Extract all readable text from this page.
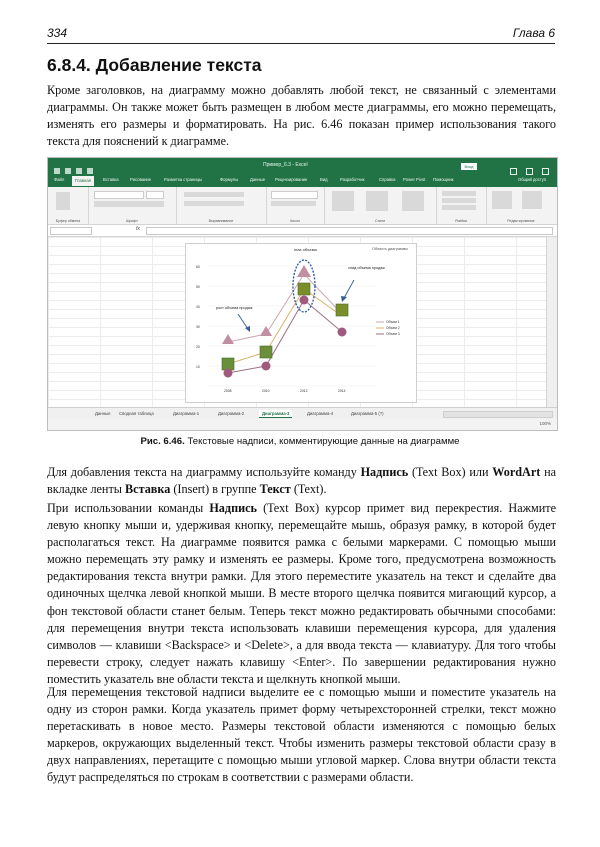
334	Глава 6
6.8.4. Добавление текста

Кроме заголовков, на диаграмму можно добавлять любой текст, не связанный с элементами диаграммы. Он также может быть размещен в любом месте диаграммы, его можно перемещать, изменять его размеры и форматировать. На рис. 6.46 показан пример использования такого текста для пояснений к диаграмме.

Пример_6.3 - Excel	Вход
Файл	Главная	Вставка	Рисование	Разметка страницы	Формулы	Данные Рецензирование	Вид	Разработчик	Справка Power Pivot Помощник	Общий доступ
Буфер обмена	Шрифт	Выравнивание	Число	Стили	Ячейки	Редактирование
fx
60
50
40
30
20
10
2008	2010	2012	2014
Объем 1
Объем 2
Объем 3
max объема
спад объема продаж
рост объема продаж
Область диаграммы
Данные	Сводная таблица	Диаграмма-1	Диаграмма-2	Диаграмма-3	Диаграмма-4	Диаграмма-5 (?)
100%
Рис. 6.46. Текстовые надписи, комментирующие данные на диаграмме

Для добавления текста на диаграмму используйте команду Надпись (Text Box) или WordArt на вкладке ленты Вставка (Insert) в группе Текст (Text).

При использовании команды Надпись (Text Box) курсор примет вид перекрестия. Нажмите левую кнопку мыши и, удерживая кнопку, перемещайте мышь, образуя рамку, в которой будет располагаться текст. На диаграмме появится рамка с белыми маркерами. С помощью мыши можно перемещать эту рамку и изменять ее размеры. Кроме того, предусмотрена возможность редактирования текста внутри рамки. Для этого переместите указатель на текст и сделайте два одиночных щелчка левой кнопкой мыши. В месте второго щелчка появится мигающий курсор, а фон текстовой области станет белым. Теперь текст можно редактировать обычными способами: для перемещения внутри текста использовать клавиши перемещения курсора, для удаления символов — клавиши <Backspace> и <Delete>, а для ввода текста — клавиатуру. Для того чтобы перевести строку, следует нажать клавишу <Enter>. По завершении редактирования нужно поместить указатель вне области текста и щелкнуть кнопкой мыши.

Для перемещения текстовой надписи выделите ее с помощью мыши и поместите указатель на одну из сторон рамки. Когда указатель примет форму четырехсторонней стрелки, текст можно перетаскивать в новое место. Размеры текстовой области изменяются с помощью белых маркеров, окружающих выделенный текст. Чтобы изменить размеры текстовой области сразу в двух направлениях, перетащите с помощью мыши угловой маркер. Слова внутри области текста будут распределяться по строкам в соответствии с размерами области.
